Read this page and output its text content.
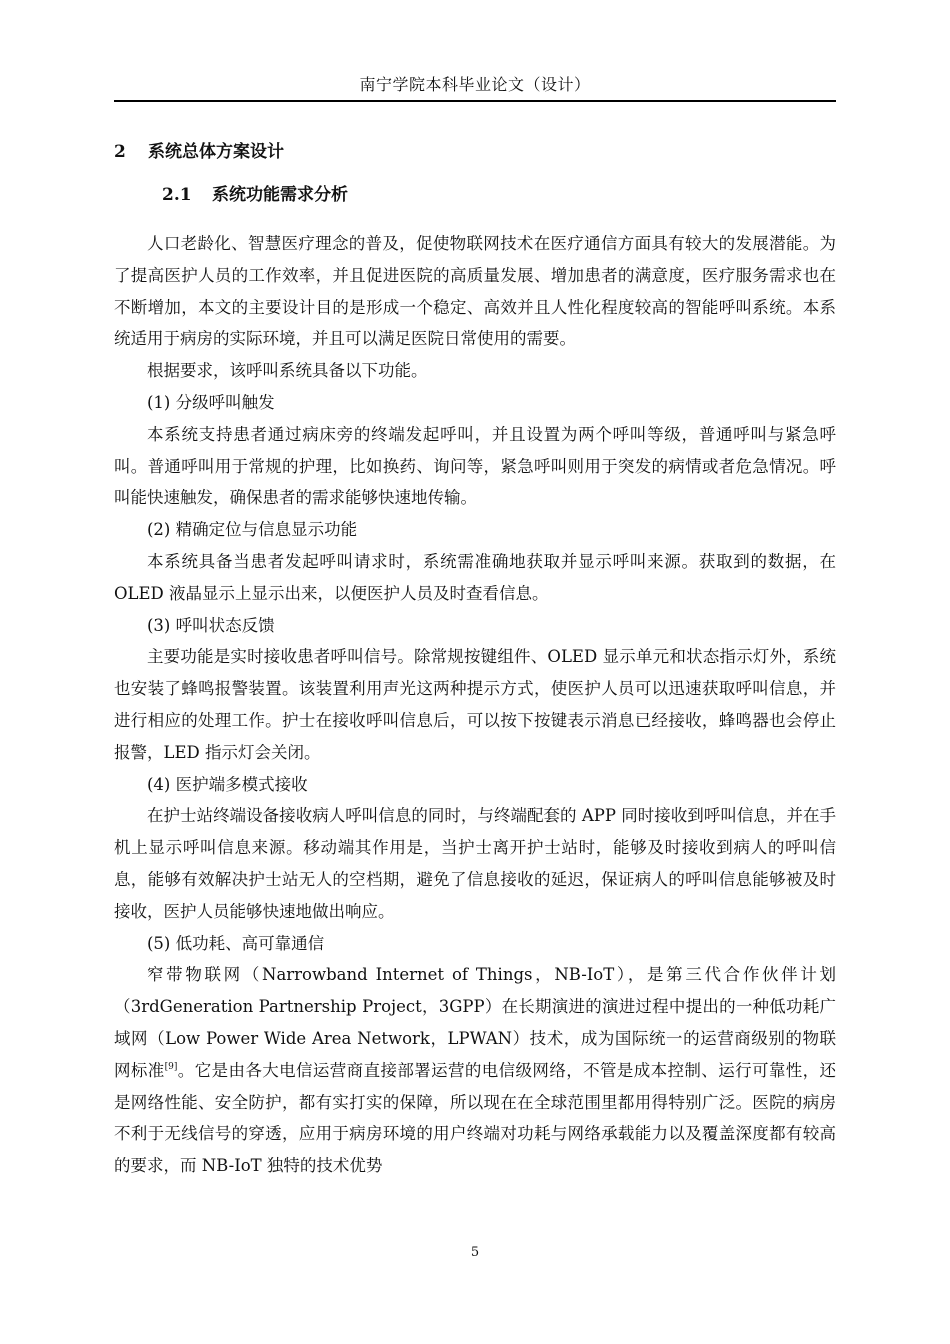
南宁学院本科毕业论文（设计）
2 系统总体方案设计
2.1 系统功能需求分析

人口老龄化、智慧医疗理念的普及，促使物联网技术在医疗通信方面具有较大的发展潜能。为了提高医护人员的工作效率，并且促进医院的高质量发展、增加患者的满意度，医疗服务需求也在不断增加，本文的主要设计目的是形成一个稳定、高效并且人性化程度较高的智能呼叫系统。本系统适用于病房的实际环境，并且可以满足医院日常使用的需要。

根据要求，该呼叫系统具备以下功能。

(1) 分级呼叫触发

本系统支持患者通过病床旁的终端发起呼叫，并且设置为两个呼叫等级，普通呼叫与紧急呼叫。普通呼叫用于常规的护理，比如换药、询问等，紧急呼叫则用于突发的病情或者危急情况。呼叫能快速触发，确保患者的需求能够快速地传输。

(2) 精确定位与信息显示功能

本系统具备当患者发起呼叫请求时，系统需准确地获取并显示呼叫来源。获取到的数据，在 OLED 液晶显示上显示出来，以便医护人员及时查看信息。

(3) 呼叫状态反馈

主要功能是实时接收患者呼叫信号。除常规按键组件、OLED 显示单元和状态指示灯外，系统也安装了蜂鸣报警装置。该装置利用声光这两种提示方式，使医护人员可以迅速获取呼叫信息，并进行相应的处理工作。护士在接收呼叫信息后，可以按下按键表示消息已经接收，蜂鸣器也会停止报警，LED 指示灯会关闭。

(4) 医护端多模式接收

在护士站终端设备接收病人呼叫信息的同时，与终端配套的 APP 同时接收到呼叫信息，并在手机上显示呼叫信息来源。移动端其作用是，当护士离开护士站时，能够及时接收到病人的呼叫信息，能够有效解决护士站无人的空档期，避免了信息接收的延迟，保证病人的呼叫信息能够被及时接收，医护人员能够快速地做出响应。

(5) 低功耗、高可靠通信

窄带物联网（Narrowband Internet of Things，NB-IoT），是第三代合作伙伴计划（3rdGeneration Partnership Project，3GPP）在长期演进的演进过程中提出的一种低功耗广域网（Low Power Wide Area Network，LPWAN）技术，成为国际统一的运营商级别的物联网标准[9]。它是由各大电信运营商直接部署运营的电信级网络，不管是成本控制、运行可靠性，还是网络性能、安全防护，都有实打实的保障，所以现在在全球范围里都用得特别广泛。医院的病房不利于无线信号的穿透，应用于病房环境的用户终端对功耗与网络承载能力以及覆盖深度都有较高的要求，而 NB-IoT 独特的技术优势

5
